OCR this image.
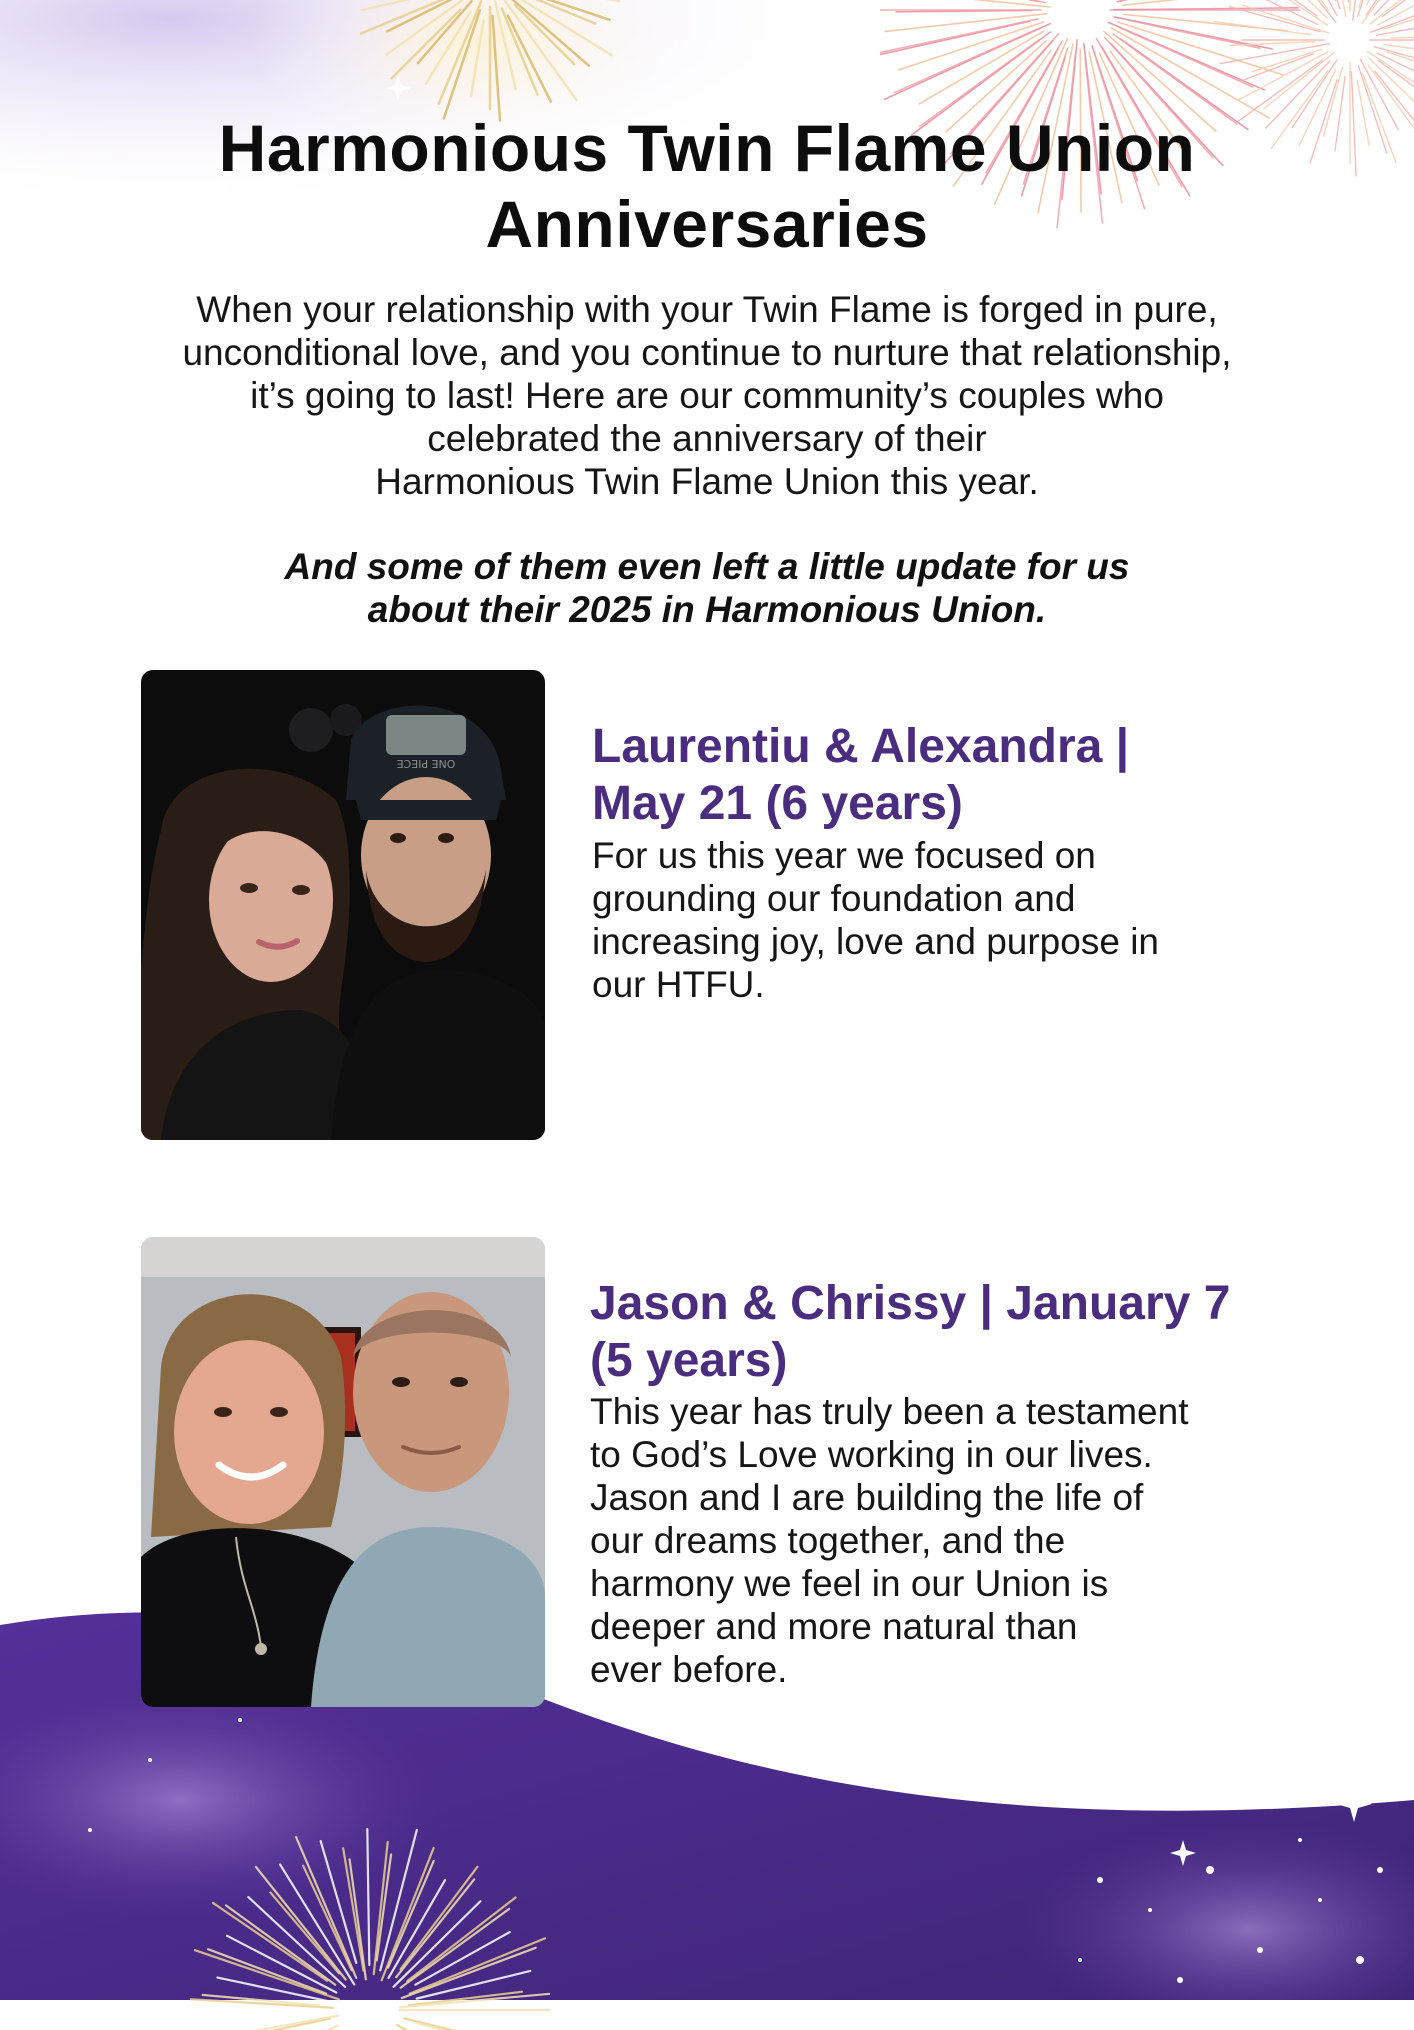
Harmonious Twin Flame Union
Anniversaries
When your relationship with your Twin Flame is forged in pure,
unconditional love, and you continue to nurture that relationship,
it’s going to last! Here are our community’s couples who
celebrated the anniversary of their
Harmonious Twin Flame Union this year.
And some of them even left a little update for us
about their 2025 in Harmonious Union.
ONE PIECE	Laurentiu & Alexandra |
May 21 (6 years)
For us this year we focused on
grounding our foundation and
increasing joy, love and purpose in
our HTFU.
Jason & Chrissy | January 7
(5 years)
This year has truly been a testament
to God’s Love working in our lives.
Jason and I are building the life of
our dreams together, and the
harmony we feel in our Union is
deeper and more natural than
ever before.
